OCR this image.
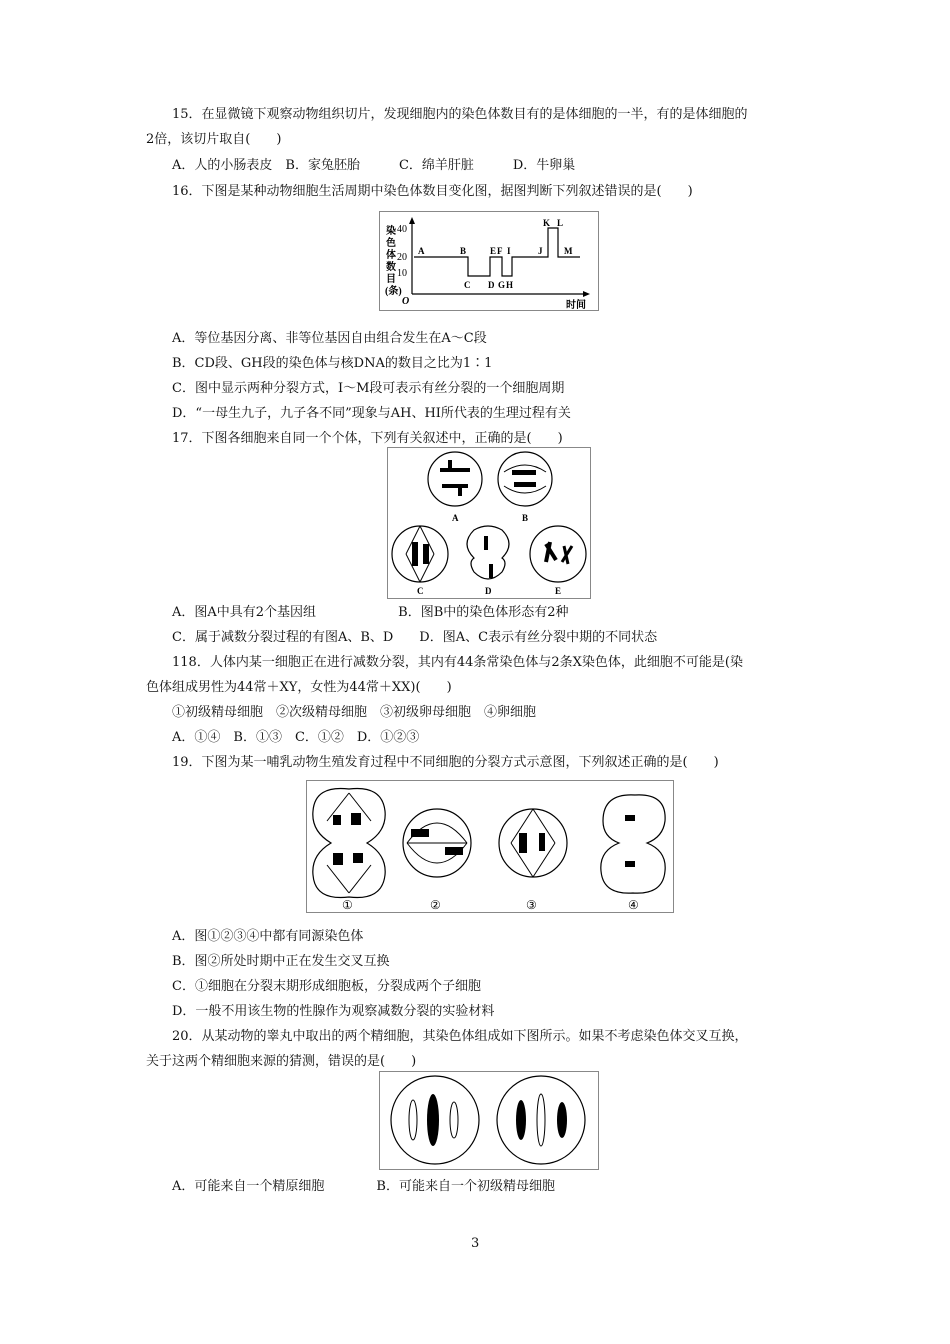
15．在显微镜下观察动物组织切片，发现细胞内的染色体数目有的是体细胞的一半，有的是体细胞的
2倍，该切片取自(　　)
A．人的小肠表皮　B．家兔胚胎　　　C．绵羊肝脏　　　D．牛卵巢
16．下图是某种动物细胞生活周期中染色体数目变化图，据图判断下列叙述错误的是(　　)
染
色
体
数
目
(条)
O	时间
40
20
10
A	B
C D
E F
G H
I	J
K L
M
A．等位基因分离、非等位基因自由组合发生在A～C段
B．CD段、GH段的染色体与核DNA的数目之比为1∶1
C．图中显示两种分裂方式，I～M段可表示有丝分裂的一个细胞周期
D．“一母生九子，九子各不同”现象与AH、HI所代表的生理过程有关
17．下图各细胞来自同一个个体，下列有关叙述中，正确的是(　　)
A	B
C	D	E
A．图A中具有2个基因组　　　　　　 B．图B中的染色体形态有2种
C．属于减数分裂过程的有图A、B、D　　D．图A、C表示有丝分裂中期的不同状态
118．人体内某一细胞正在进行减数分裂，其内有44条常染色体与2条X染色体，此细胞不可能是(染
色体组成男性为44常＋XY，女性为44常＋XX)(　　)
①初级精母细胞　②次级精母细胞　③初级卵母细胞　④卵细胞
A．①④　B．①③　C．①②　D．①②③
19．下图为某一哺乳动物生殖发育过程中不同细胞的分裂方式示意图，下列叙述正确的是(　　)
①	②	③	④
A．图①②③④中都有同源染色体
B．图②所处时期中正在发生交叉互换
C．①细胞在分裂末期形成细胞板，分裂成两个子细胞
D．一般不用该生物的性腺作为观察减数分裂的实验材料
20．从某动物的睾丸中取出的两个精细胞，其染色体组成如下图所示。如果不考虑染色体交叉互换，
关于这两个精细胞来源的猜测，错误的是(　　)
A．可能来自一个精原细胞　　　　B．可能来自一个初级精母细胞
3
